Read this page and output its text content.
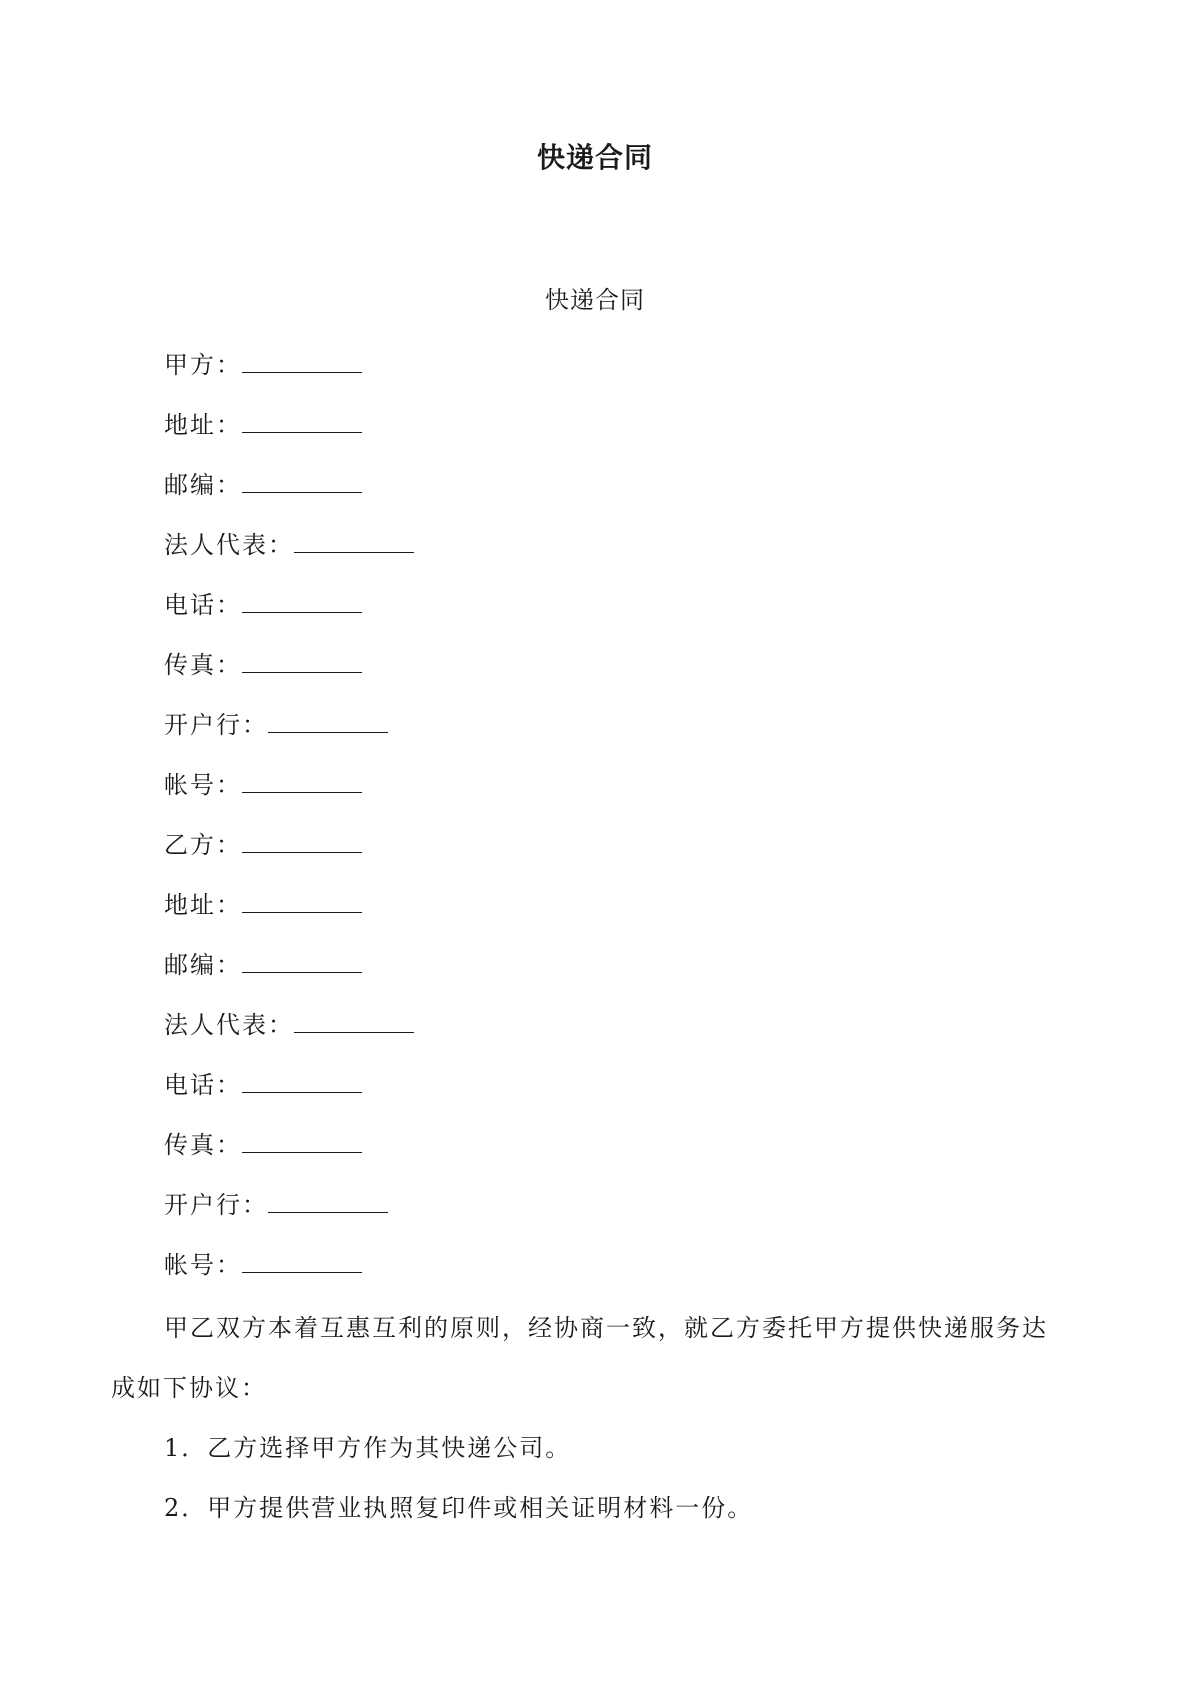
快递合同
快递合同
甲方：
地址：
邮编：
法人代表：
电话：
传真：
开户行：
帐号：
乙方：
地址：
邮编：
法人代表：
电话：
传真：
开户行：
帐号：

甲乙双方本着互惠互利的原则，经协商一致，就乙方委托甲方提供快递服务达成如下协议：

1．乙方选择甲方作为其快递公司。

2．甲方提供营业执照复印件或相关证明材料一份。
